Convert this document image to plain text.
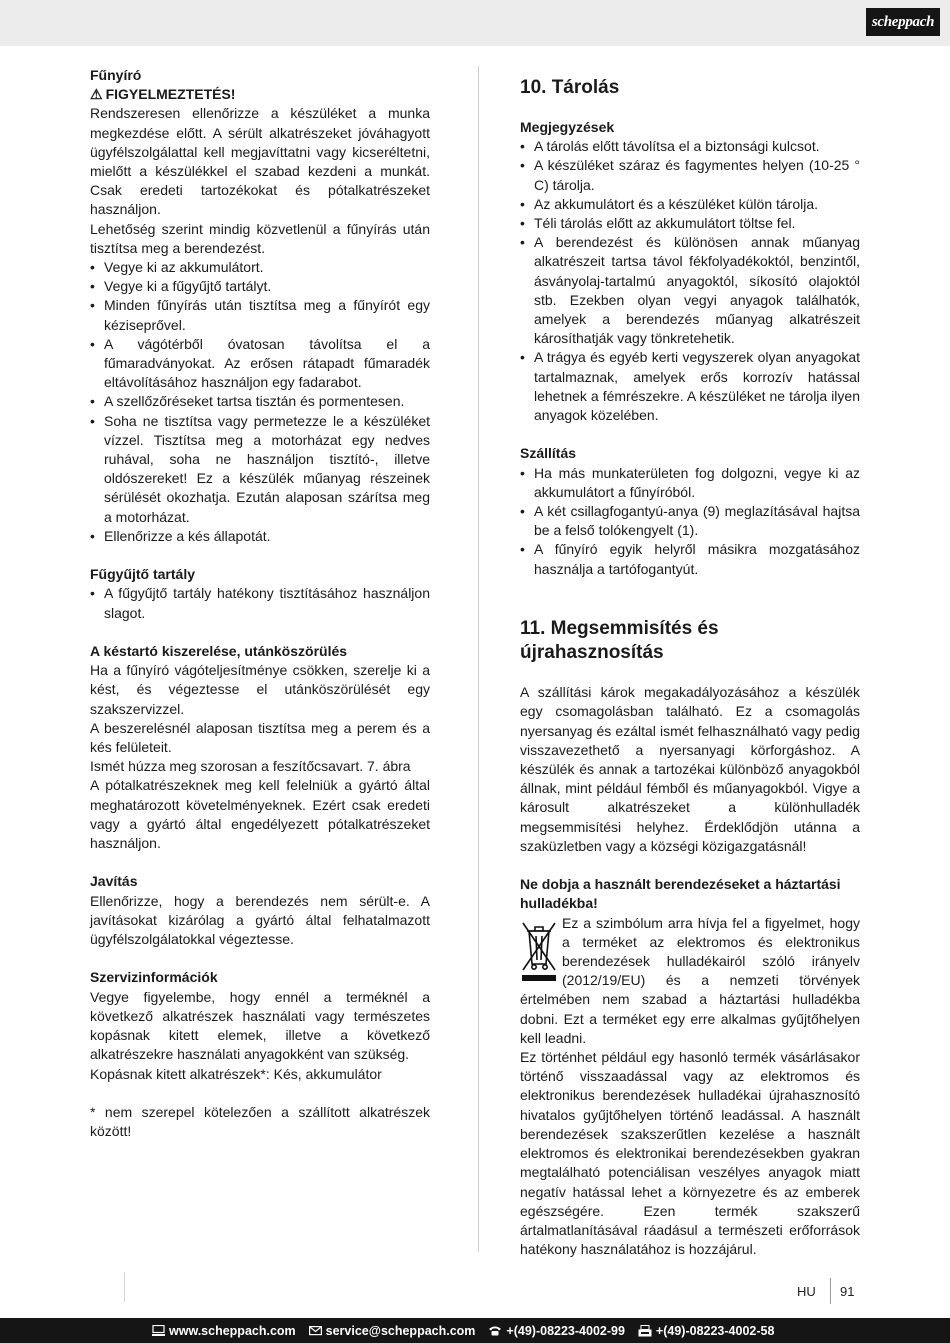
scheppach
Fűnyíró
⚠ FIGYELMEZTETÉS!

Rendszeresen ellenőrizze a készüléket a munka megkezdése előtt. A sérült alkatrészeket jóváhagyott ügyfélszolgálattal kell megjavíttatni vagy kicseréltetni, mielőtt a készülékkel el szabad kezdeni a munkát. Csak eredeti tartozékokat és pótalkatrészeket használjon.

Lehetőség szerint mindig közvetlenül a fűnyírás után tisztítsa meg a berendezést.

• Vegye ki az akkumulátort.
• Vegye ki a fűgyűjtő tartályt.
• Minden fűnyírás után tisztítsa meg a fűnyírót egy kéziseprővel.
• A vágótérből óvatosan távolítsa el a fűmaradványokat. Az erősen rátapadt fűmaradék eltávolításához használjon egy fadarabot.
• A szellőzőréseket tartsa tisztán és pormentesen.
• Soha ne tisztítsa vagy permetezze le a készüléket vízzel. Tisztítsa meg a motorházat egy nedves ruhával, soha ne használjon tisztító-, illetve oldószereket! Ez a készülék műanyag részeinek sérülését okozhatja. Ezután alaposan szárítsa meg a motorházat.
• Ellenőrizze a kés állapotát.
Fűgyűjtő tartály
• A fűgyűjtő tartály hatékony tisztításához használjon slagot.
A késtartó kiszerelése, utánköszörülés

Ha a fűnyíró vágóteljesítménye csökken, szerelje ki a kést, és végeztesse el utánköszörülését egy szakszervizzel.

A beszerelésnél alaposan tisztítsa meg a perem és a kés felületeit.

Ismét húzza meg szorosan a feszítőcsavart. 7. ábra

A pótalkatrészeknek meg kell felelniük a gyártó által meghatározott követelményeknek. Ezért csak eredeti vagy a gyártó által engedélyezett pótalkatrészeket használjon.

Javítás

Ellenőrizze, hogy a berendezés nem sérült-e. A javításokat kizárólag a gyártó által felhatalmazott ügyfélszolgálatokkal végeztesse.

Szervizinformációk

Vegye figyelembe, hogy ennél a terméknél a következő alkatrészek használati vagy természetes kopásnak kitett elemek, illetve a következő alkatrészekre használati anyagokként van szükség.

Kopásnak kitett alkatrészek*: Kés, akkumulátor

* nem szerepel kötelezően a szállított alkatrészek között!

10. Tárolás
Megjegyzések
• A tárolás előtt távolítsa el a biztonsági kulcsot.
• A készüléket száraz és fagymentes helyen (10-25 ° C) tárolja.
• Az akkumulátort és a készüléket külön tárolja.
• Téli tárolás előtt az akkumulátort töltse fel.
• A berendezést és különösen annak műanyag alkatrészeit tartsa távol fékfolyadékoktól, benzintől, ásványolaj-tartalmú anyagoktól, síkosító olajoktól stb. Ezekben olyan vegyi anyagok találhatók, amelyek a berendezés műanyag alkatrészeit károsíthatják vagy tönkretehetik.
• A trágya és egyéb kerti vegyszerek olyan anyagokat tartalmaznak, amelyek erős korrozív hatással lehetnek a fémrészekre. A készüléket ne tárolja ilyen anyagok közelében.
Szállítás
• Ha más munkaterületen fog dolgozni, vegye ki az akkumulátort a fűnyíróból.
• A két csillagfogantyú-anya (9) meglazításával hajtsa be a felső tolókengyelt (1).
• A fűnyíró egyik helyről másikra mozgatásához használja a tartófogantyút.
11. Megsemmisítés és újrahasznosítás

A szállítási károk megakadályozásához a készülék egy csomagolásban található. Ez a csomagolás nyersanyag és ezáltal ismét felhasználható vagy pedig visszavezethető a nyersanyagi körforgáshoz. A készülék és annak a tartozékai különböző anyagokból állnak, mint például fémből és műanyagokból. Vigye a károsult alkatrészeket a különhulladék megsemmisítési helyhez. Érdeklődjön utánna a szaküzletben vagy a községi közigazgatásnál!

Ne dobja a használt berendezéseket a háztartási hulladékba!

Ez a szimbólum arra hívja fel a figyelmet, hogy a terméket az elektromos és elektronikus berendezések hulladékairól szóló irányelv (2012/19/EU) és a nemzeti törvények értelmében nem szabad a háztartási hulladékba dobni. Ezt a terméket egy erre alkalmas gyűjtőhelyen kell leadni.

Ez történhet például egy hasonló termék vásárlásakor történő visszaadással vagy az elektromos és elektronikus berendezések hulladékai újrahasznosító hivatalos gyűjtőhelyen történő leadással. A használt berendezések szakszerűtlen kezelése a használt elektromos és elektronikai berendezésekben gyakran megtalálható potenciálisan veszélyes anyagok miatt negatív hatással lehet a környezetre és az emberek egészségére. Ezen termék szakszerű ártalmatlanításával ráadásul a természeti erőforrások hatékony használatához is hozzájárul.

HU 91
www.scheppach.com service@scheppach.com +(49)-08223-4002-99 +(49)-08223-4002-58
